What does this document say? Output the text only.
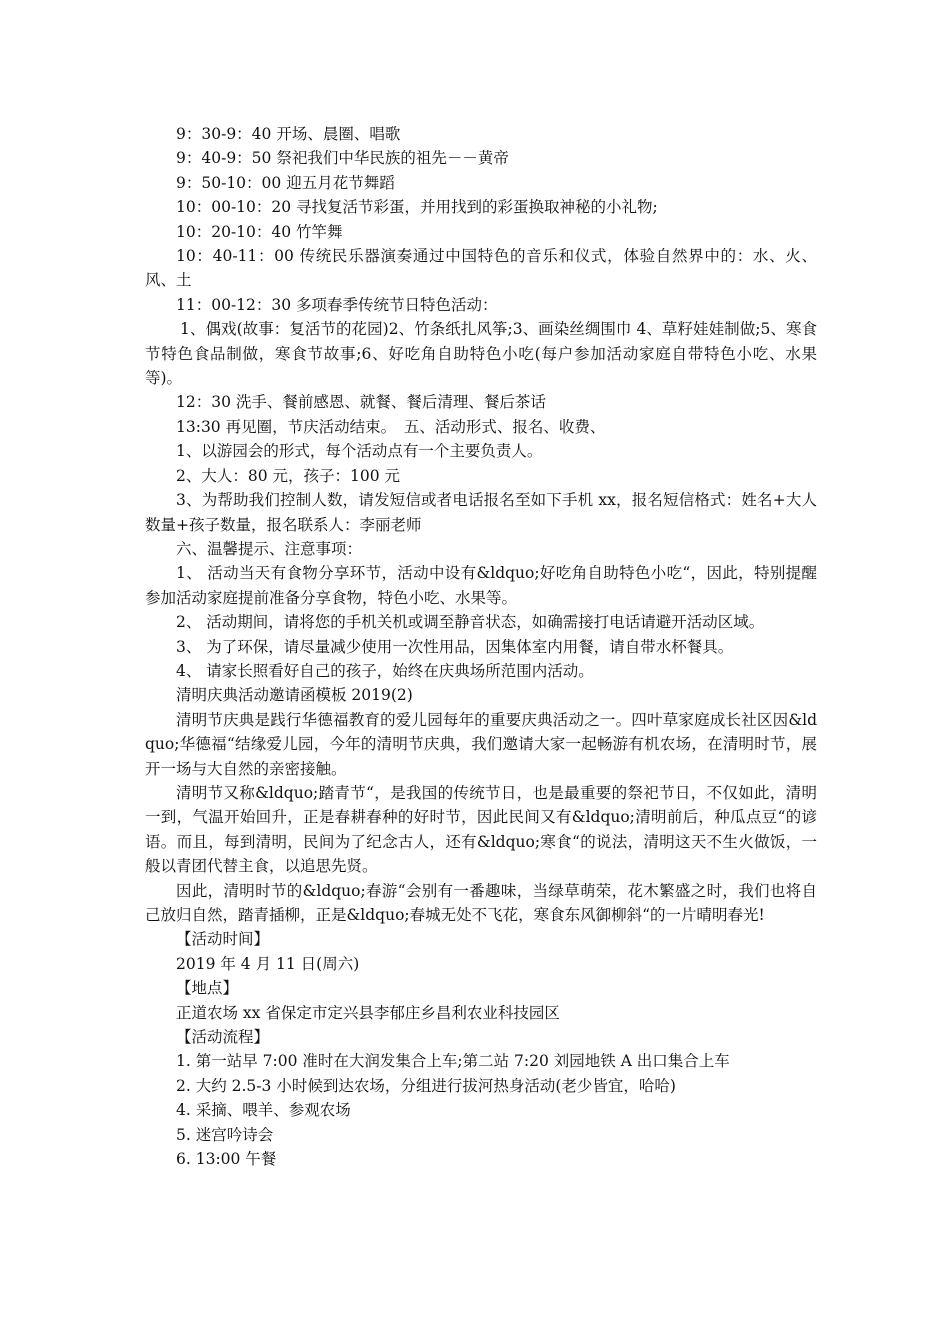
9：30-9：40 开场、晨圈、唱歌

9：40-9：50 祭祀我们中华民族的祖先－－黄帝

9：50-10：00 迎五月花节舞蹈

10：00-10：20 寻找复活节彩蛋，并用找到的彩蛋换取神秘的小礼物;

10：20-10：40 竹竿舞

10：40-11：00 传统民乐器演奏通过中国特色的音乐和仪式，体验自然界中的：水、火、风、土

11：00-12：30 多项春季传统节日特色活动：

1、偶戏(故事：复活节的花园)2、竹条纸扎风筝;3、画染丝绸围巾 4、草籽娃娃制做;5、寒食节特色食品制做，寒食节故事;6、好吃角自助特色小吃(每户参加活动家庭自带特色小吃、水果等)。

12：30 洗手、餐前感恩、就餐、餐后清理、餐后茶话

13:30 再见圈，节庆活动结束。　五、活动形式、报名、收费、

1、以游园会的形式，每个活动点有一个主要负责人。

2、大人：80 元，孩子：100 元

3、为帮助我们控制人数，请发短信或者电话报名至如下手机 xx，报名短信格式：姓名+大人数量+孩子数量，报名联系人：李丽老师

六、温馨提示、注意事项：

1、 活动当天有食物分享环节，活动中设有&ldquo;好吃角自助特色小吃“，因此，特别提醒参加活动家庭提前准备分享食物，特色小吃、水果等。

2、 活动期间，请将您的手机关机或调至静音状态，如确需接打电话请避开活动区域。

3、 为了环保，请尽量减少使用一次性用品，因集体室内用餐，请自带水杯餐具。

4、 请家长照看好自己的孩子，始终在庆典场所范围内活动。

清明庆典活动邀请函模板 2019(2)

清明节庆典是践行华德福教育的爱儿园每年的重要庆典活动之一。四叶草家庭成长社区因&ldquo;华德福“结缘爱儿园，今年的清明节庆典，我们邀请大家一起畅游有机农场，在清明时节，展开一场与大自然的亲密接触。

清明节又称&ldquo;踏青节“，是我国的传统节日，也是最重要的祭祀节日，不仅如此，清明一到，气温开始回升，正是春耕春种的好时节，因此民间又有&ldquo;清明前后，种瓜点豆“的谚语。而且，每到清明，民间为了纪念古人，还有&ldquo;寒食“的说法，清明这天不生火做饭，一般以青团代替主食，以追思先贤。

因此，清明时节的&ldquo;春游“会别有一番趣味，当绿草萌荣，花木繁盛之时，我们也将自己放归自然，踏青插柳，正是&ldquo;春城无处不飞花，寒食东风御柳斜“的一片晴明春光!

【活动时间】

2019 年 4 月 11 日(周六)

【地点】

正道农场 xx 省保定市定兴县李郁庄乡昌利农业科技园区

【活动流程】

1. 第一站早 7:00 准时在大润发集合上车;第二站 7:20 刘园地铁 A 出口集合上车

2. 大约 2.5-3 小时候到达农场，分组进行拔河热身活动(老少皆宜，哈哈)

4. 采摘、喂羊、参观农场

5. 迷宫吟诗会

6. 13:00 午餐
